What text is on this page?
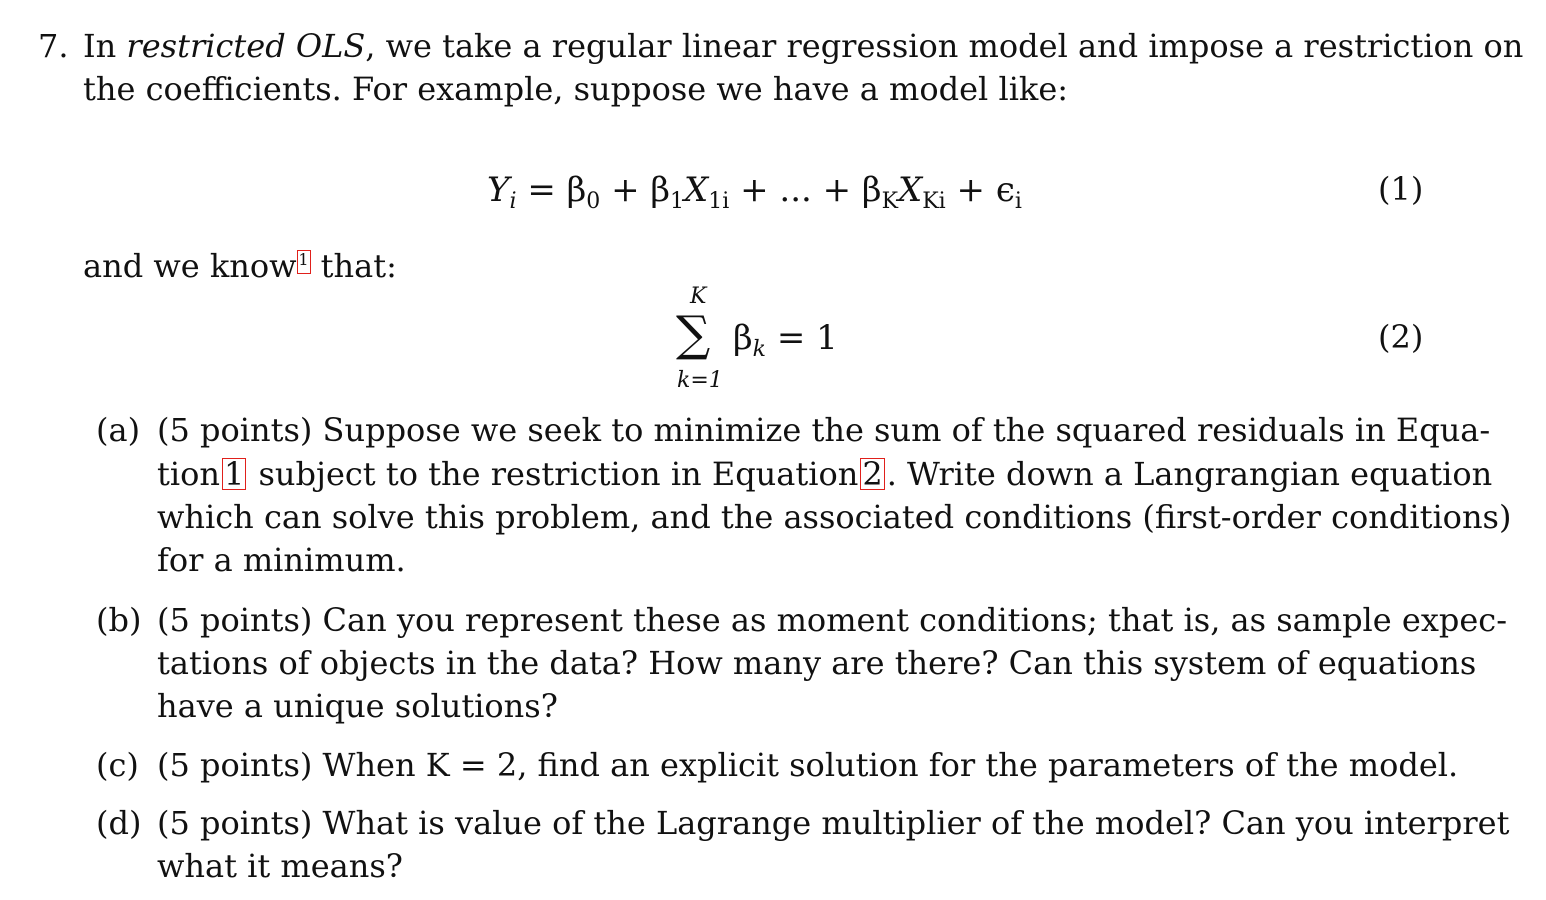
7. In restricted OLS, we take a regular linear regression model and impose a restriction on
the coefficients. For example, suppose we have a model like:
$Y_i = \beta_0 + \beta_1X_{1i}$ + ... + $\beta_KX_{Ki} + \epsilon_i$	(1)
and we know 1 that:
K
∑
k=1
$\beta_k = 1$	(2)
(a) (5 points) Suppose we seek to minimize the sum of the squared residuals in Equa-
tion 1 subject to the restriction in Equation 2 . Write down a Langrangian equation
which can solve this problem, and the associated conditions (first-order conditions)
for a minimum.
(b) (5 points) Can you represent these as moment conditions; that is, as sample expec-
tations of objects in the data? How many are there? Can this system of equations
have a unique solutions?
(c) (5 points) When K = 2, find an explicit solution for the parameters of the model.
(d) (5 points) What is value of the Lagrange multiplier of the model? Can you interpret
what it means?
